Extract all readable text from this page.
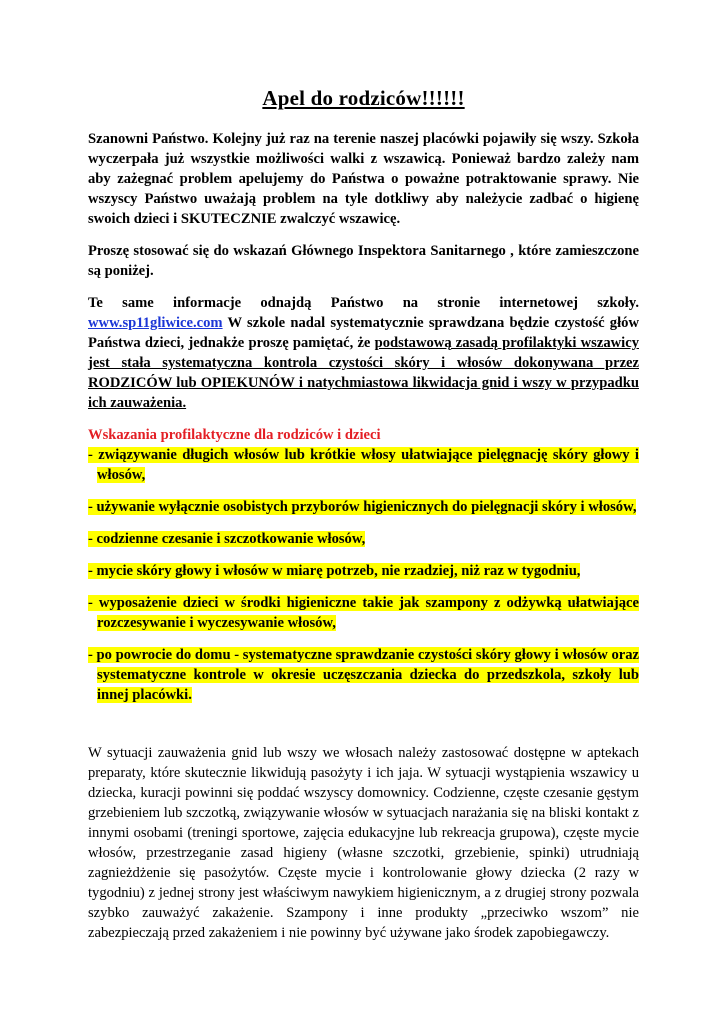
Apel do rodziców!!!!!!

Szanowni Państwo. Kolejny już raz na terenie naszej placówki pojawiły się wszy. Szkoła wyczerpała już wszystkie możliwości walki z wszawicą. Ponieważ bardzo zależy nam aby zażegnać problem apelujemy do Państwa o poważne potraktowanie sprawy. Nie wszyscy Państwo uważają problem na tyle dotkliwy aby należycie zadbać o higienę swoich dzieci i SKUTECZNIE zwalczyć wszawicę.

Proszę stosować się do wskazań Głównego Inspektora Sanitarnego , które zamieszczone są poniżej.

Te same informacje odnajdą Państwo na stronie internetowej szkoły. www.sp11gliwice.com W szkole nadal systematycznie sprawdzana będzie czystość głów Państwa dzieci, jednakże proszę pamiętać, że podstawową zasadą profilaktyki wszawicy jest stała systematyczna kontrola czystości skóry i włosów dokonywana przez RODZICÓW lub OPIEKUNÓW i natychmiastowa likwidacja gnid i wszy w przypadku ich zauważenia.

Wskazania profilaktyczne dla rodziców i dzieci

- związywanie długich włosów lub krótkie włosy ułatwiające pielęgnację skóry głowy i włosów,

- używanie wyłącznie osobistych przyborów higienicznych do pielęgnacji skóry i włosów,

- codzienne czesanie i szczotkowanie włosów,

- mycie skóry głowy i włosów w miarę potrzeb, nie rzadziej, niż raz w tygodniu,

- wyposażenie dzieci w środki higieniczne takie jak szampony z odżywką ułatwiające rozczesywanie i wyczesywanie włosów,

- po powrocie do domu - systematyczne sprawdzanie czystości skóry głowy i włosów oraz systematyczne kontrole w okresie uczęszczania dziecka do przedszkola, szkoły lub innej placówki.

W sytuacji zauważenia gnid lub wszy we włosach należy zastosować dostępne w aptekach preparaty, które skutecznie likwidują pasożyty i ich jaja. W sytuacji wystąpienia wszawicy u dziecka, kuracji powinni się poddać wszyscy domownicy. Codzienne, częste czesanie gęstym grzebieniem lub szczotką, związywanie włosów w sytuacjach narażania się na bliski kontakt z innymi osobami (treningi sportowe, zajęcia edukacyjne lub rekreacja grupowa), częste mycie włosów, przestrzeganie zasad higieny (własne szczotki, grzebienie, spinki) utrudniają zagnieżdżenie się pasożytów. Częste mycie i kontrolowanie głowy dziecka (2 razy w tygodniu) z jednej strony jest właściwym nawykiem higienicznym, a z drugiej strony pozwala szybko zauważyć zakażenie. Szampony i inne produkty „przeciwko wszom” nie zabezpieczają przed zakażeniem i nie powinny być używane jako środek zapobiegawczy.
